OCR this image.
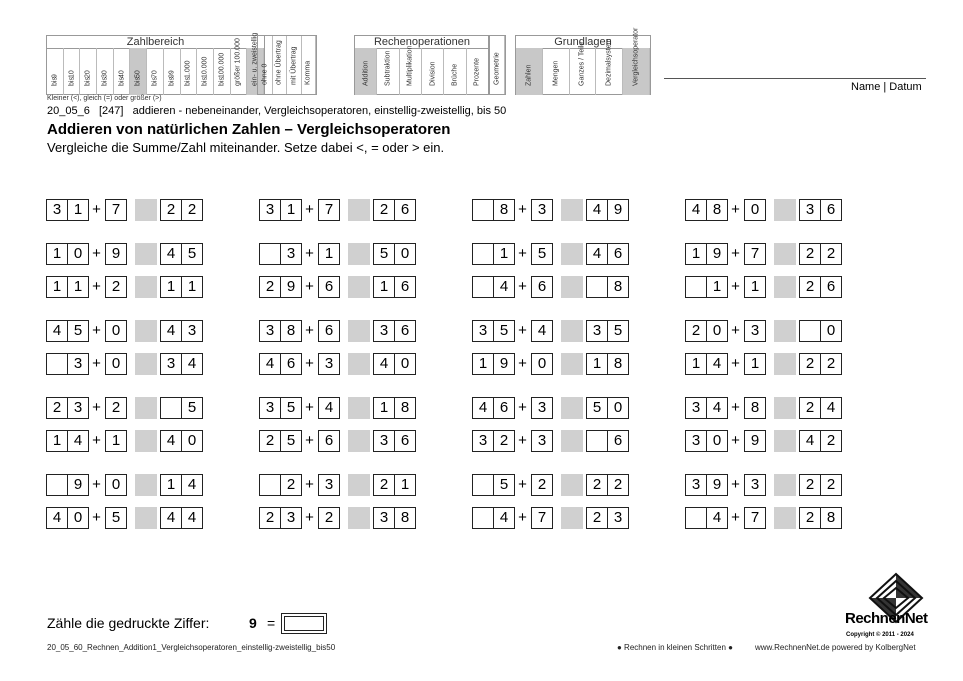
Zahlbereich
bis
9
bis
10
bis
20
bis
30
bis
40
bis
50
bis
70
bis
99
bis
1.000
bis
10.000
bis
100.000 größer 100.000 ein- u. zweistellig ohne 0 ohne Übertrag mit Übertrag Komma
Rechenoperationen
Addition Subtraktion Multiplikation Division Brüche Prozente Geometrie
Grundlagen
Zahlen	Mengen	Ganzes / Teile	Dezimalsystem	Vergleichsoperator
Kleiner (<), gleich (=) oder größer (>)
Name | Datum
20_05_6   [247]   addieren - nebeneinander, Vergleichsoperatoren, einstellig-zweistellig, bis 50
Addieren von natürlichen Zahlen – Vergleichsoperatoren
Vergleiche die Summe/Zahl miteinander. Setze dabei <, = oder > ein.
3 1 + 7	2 2	3 1 + 7	2 6	8 + 3	4 9	4 8 + 0	3 6
1 0 + 9	4 5	3 + 1	5 0	1 + 5	4 6	1 9 + 7	2 2
1 1 + 2	1 1	2 9 + 6	1 6	4 + 6	8	1 + 1	2 6
4 5 + 0	4 3	3 8 + 6	3 6	3 5 + 4	3 5	2 0 + 3	0
3 + 0	3 4	4 6 + 3	4 0	1 9 + 0	1 8	1 4 + 1	2 2
2 3 + 2	5	3 5 + 4	1 8	4 6 + 3	5 0	3 4 + 8	2 4
1 4 + 1	4 0	2 5 + 6	3 6	3 2 + 3	6	3 0 + 9	4 2
9 + 0	1 4	2 + 3	2 1	5 + 2	2 2	3 9 + 3	2 2
4 0 + 5	4 4	2 3 + 2	3 8	4 + 7	2 3	4 + 7	2 8
Zähle die gedruckte Ziffer:	9 =
20_05_60_Rechnen_Addition1_Vergleichsoperatoren_einstellig-zweistellig_bis50	● Rechnen in kleinen Schritten ●	www.RechnenNet.de powered by KolbergNet
RechnenNet
Copyright © 2011 - 2024
